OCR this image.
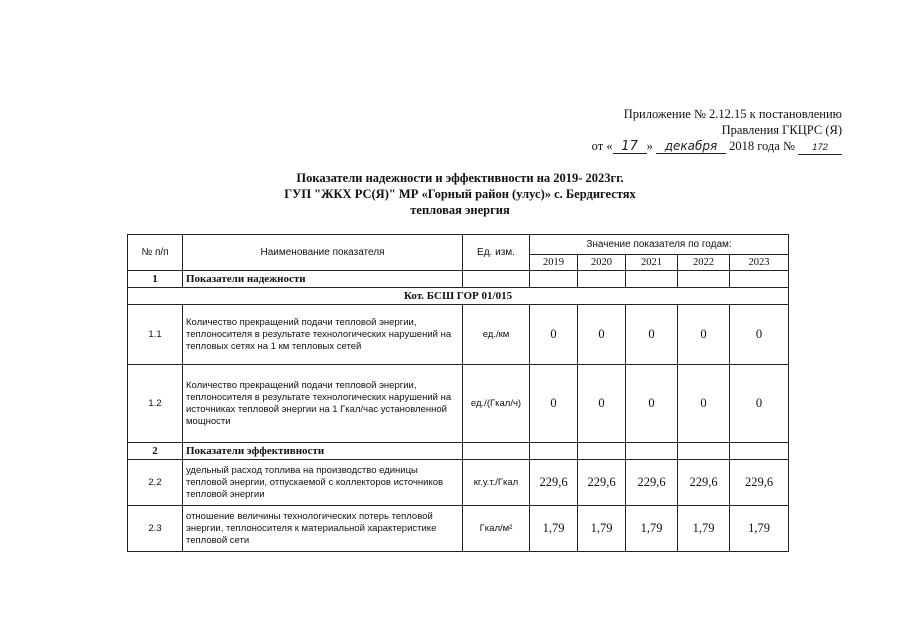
Приложение № 2.12.15 к постановлению
Правления ГКЦРС (Я)
от « 17 » декабря 2018 года № 172
Показатели надежности и эффективности на 2019- 2023гг.
ГУП "ЖКХ РС(Я)" МР «Горный район (улус)» с. Бердигестях
тепловая энергия
№ п/п	Наименование показателя	Ед. изм.	Значение показателя по годам:				
			2019	2020	2021	2022	2023
1	Показатели надежности						
Кот. БСШ ГОР 01/015							
1.1	Количество прекращений подачи тепловой энергии, теплоносителя в результате технологических нарушений на тепловых сетях на 1 км тепловых сетей	ед./км	0	0	0	0	0
1.2	Количество прекращений подачи тепловой энергии, теплоносителя в результате технологических нарушений на источниках тепловой энергии на 1 Гкал/час установленной мощности	ед./(Гкал/ч)	0	0	0	0	0
2	Показатели эффективности						
2.2	удельный расход топлива на производство единицы тепловой энергии, отпускаемой с коллекторов источников тепловой энергии	кг.у.т./Гкал	229,6	229,6	229,6	229,6	229,6
2.3	отношение величины технологических потерь тепловой энергии, теплоносителя к материальной характеристике тепловой сети	Гкал/м²	1,79	1,79	1,79	1,79	1,79
